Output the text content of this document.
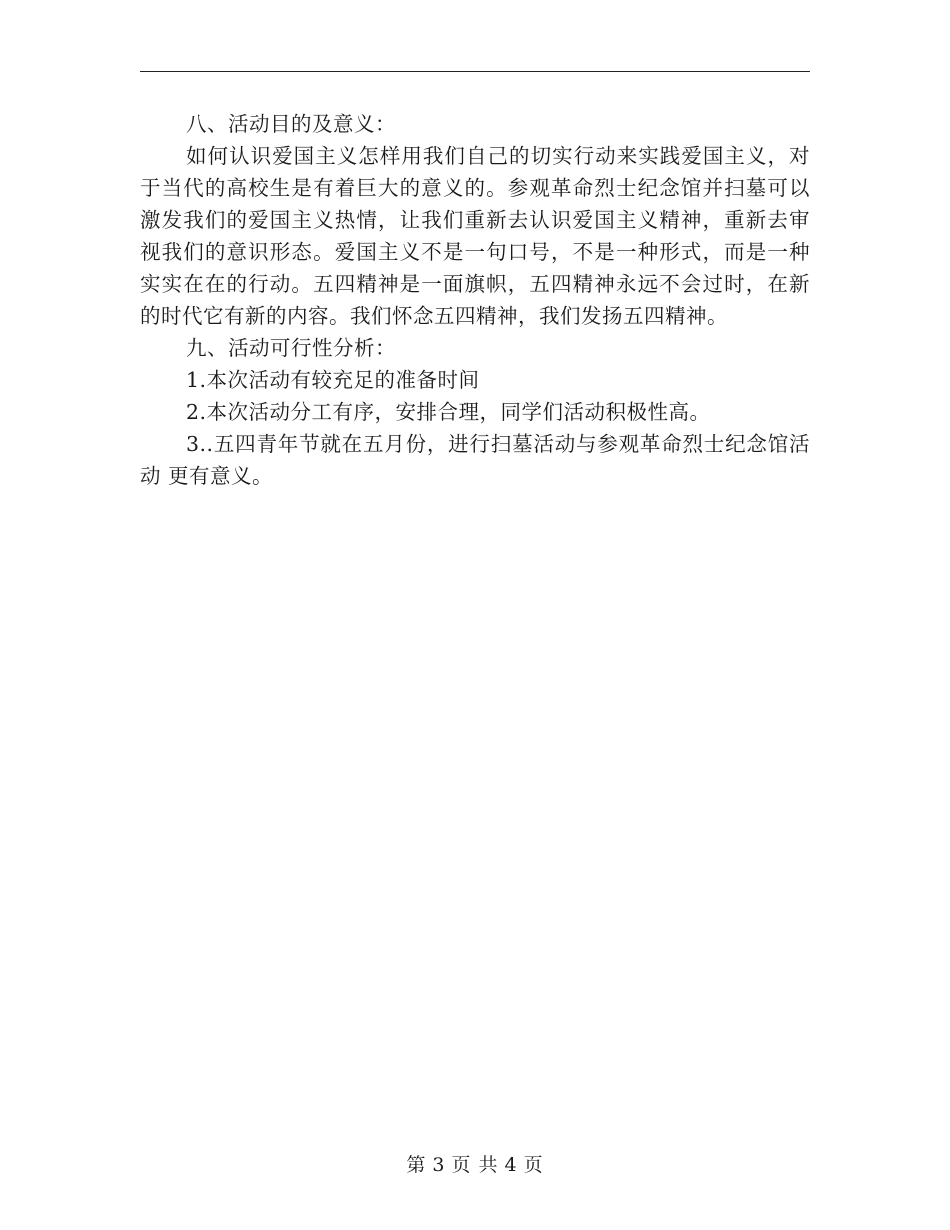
八、活动目的及意义：

如何认识爱国主义怎样用我们自己的切实行动来实践爱国主义，对于当代的高校生是有着巨大的意义的。参观革命烈士纪念馆并扫墓可以激发我们的爱国主义热情，让我们重新去认识爱国主义精神，重新去审视我们的意识形态。爱国主义不是一句口号，不是一种形式，而是一种实实在在的行动。五四精神是一面旗帜，五四精神永远不会过时，在新的时代它有新的内容。我们怀念五四精神，我们发扬五四精神。

九、活动可行性分析：

1.本次活动有较充足的准备时间

2.本次活动分工有序，安排合理，同学们活动积极性高。

3..五四青年节就在五月份，进行扫墓活动与参观革命烈士纪念馆活动 更有意义。

第 3 页 共 4 页
